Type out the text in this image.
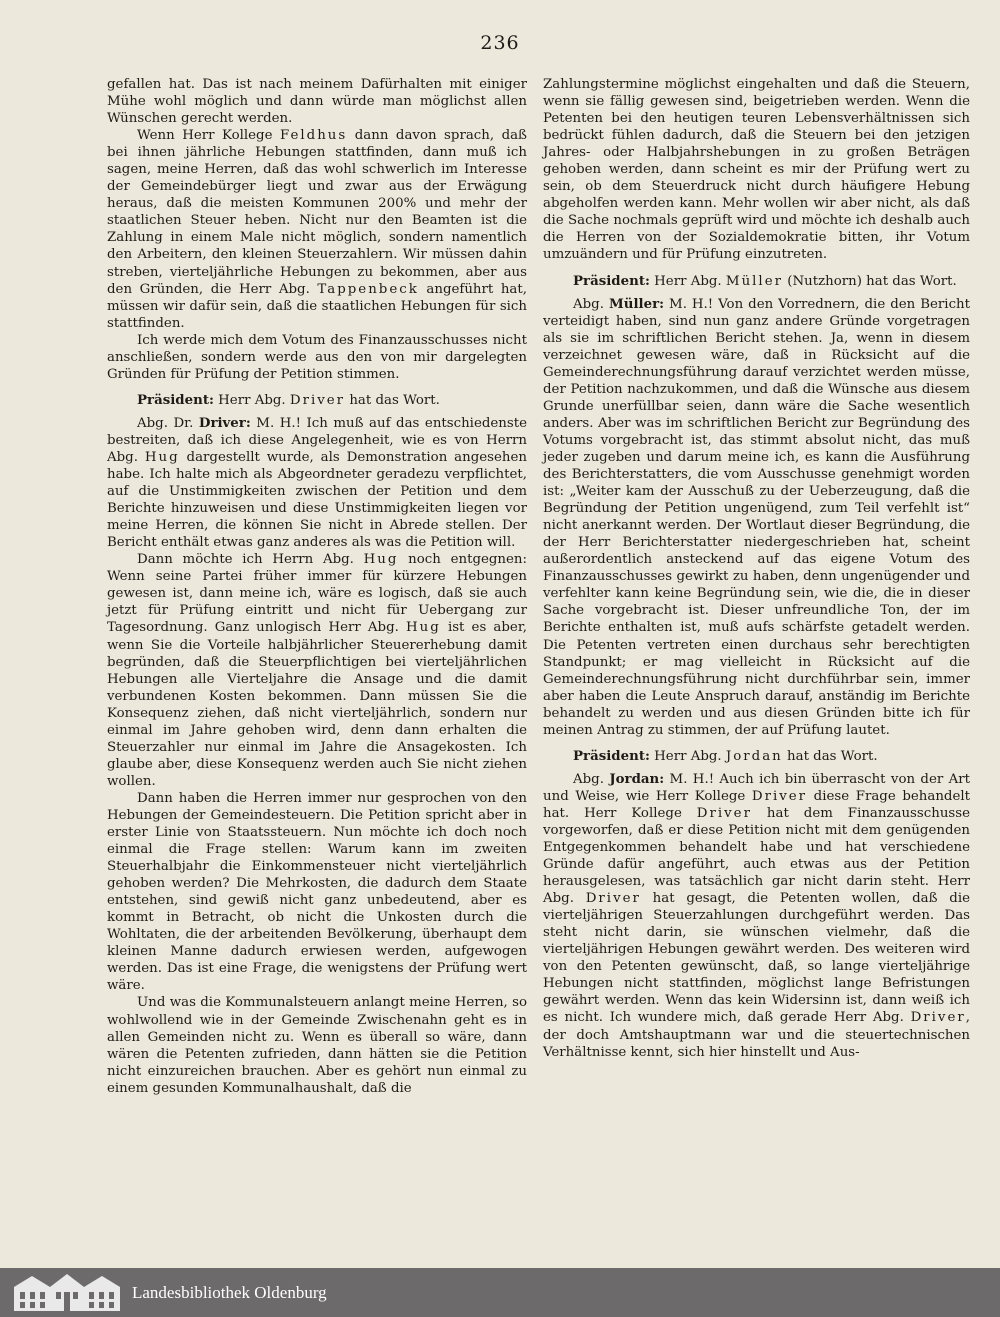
236

gefallen hat. Das ist nach meinem Dafürhalten mit einiger Mühe wohl möglich und dann würde man möglichst allen Wünschen gerecht werden.

Wenn Herr Kollege Feldhus dann davon sprach, daß bei ihnen jährliche Hebungen stattfinden, dann muß ich sagen, meine Herren, daß das wohl schwerlich im Interesse der Gemeindebürger liegt und zwar aus der Erwägung heraus, daß die meisten Kommunen 200% und mehr der staatlichen Steuer heben. Nicht nur den Beamten ist die Zahlung in einem Male nicht möglich, sondern namentlich den Arbeitern, den kleinen Steuerzahlern. Wir müssen dahin streben, vierteljährliche Hebungen zu bekommen, aber aus den Gründen, die Herr Abg. Tappenbeck angeführt hat, müssen wir dafür sein, daß die staatlichen Hebungen für sich stattfinden.

Ich werde mich dem Votum des Finanzausschusses nicht anschließen, sondern werde aus den von mir dargelegten Gründen für Prüfung der Petition stimmen.

Präsident: Herr Abg. Driver hat das Wort.

Abg. Dr. Driver: M. H.! Ich muß auf das entschiedenste bestreiten, daß ich diese Angelegenheit, wie es von Herrn Abg. Hug dargestellt wurde, als Demonstration angesehen habe. Ich halte mich als Abgeordneter geradezu verpflichtet, auf die Unstimmigkeiten zwischen der Petition und dem Berichte hinzuweisen und diese Unstimmigkeiten liegen vor meine Herren, die können Sie nicht in Abrede stellen. Der Bericht enthält etwas ganz anderes als was die Petition will.

Dann möchte ich Herrn Abg. Hug noch entgegnen: Wenn seine Partei früher immer für kürzere Hebungen gewesen ist, dann meine ich, wäre es logisch, daß sie auch jetzt für Prüfung eintritt und nicht für Uebergang zur Tagesordnung. Ganz unlogisch Herr Abg. Hug ist es aber, wenn Sie die Vorteile halbjährlicher Steuererhebung damit begründen, daß die Steuerpflichtigen bei vierteljährlichen Hebungen alle Vierteljahre die Ansage und die damit verbundenen Kosten bekommen. Dann müssen Sie die Konsequenz ziehen, daß nicht vierteljährlich, sondern nur einmal im Jahre gehoben wird, denn dann erhalten die Steuerzahler nur einmal im Jahre die Ansagekosten. Ich glaube aber, diese Konsequenz werden auch Sie nicht ziehen wollen.

Dann haben die Herren immer nur gesprochen von den Hebungen der Gemeindesteuern. Die Petition spricht aber in erster Linie von Staatssteuern. Nun möchte ich doch noch einmal die Frage stellen: Warum kann im zweiten Steuerhalbjahr die Einkommensteuer nicht vierteljährlich gehoben werden? Die Mehrkosten, die dadurch dem Staate entstehen, sind gewiß nicht ganz unbedeutend, aber es kommt in Betracht, ob nicht die Unkosten durch die Wohltaten, die der arbeitenden Bevölkerung, überhaupt dem kleinen Manne dadurch erwiesen werden, aufgewogen werden. Das ist eine Frage, die wenigstens der Prüfung wert wäre.

Und was die Kommunalsteuern anlangt meine Herren, so wohlwollend wie in der Gemeinde Zwischenahn geht es in allen Gemeinden nicht zu. Wenn es überall so wäre, dann wären die Petenten zufrieden, dann hätten sie die Petition nicht einzureichen brauchen. Aber es gehört nun einmal zu einem gesunden Kommunalhaushalt, daß die

Zahlungstermine möglichst eingehalten und daß die Steuern, wenn sie fällig gewesen sind, beigetrieben werden. Wenn die Petenten bei den heutigen teuren Lebensverhältnissen sich bedrückt fühlen dadurch, daß die Steuern bei den jetzigen Jahres- oder Halbjahrshebungen in zu großen Beträgen gehoben werden, dann scheint es mir der Prüfung wert zu sein, ob dem Steuerdruck nicht durch häufigere Hebung abgeholfen werden kann. Mehr wollen wir aber nicht, als daß die Sache nochmals geprüft wird und möchte ich deshalb auch die Herren von der Sozialdemokratie bitten, ihr Votum umzuändern und für Prüfung einzutreten.

Präsident: Herr Abg. Müller (Nutzhorn) hat das Wort.

Abg. Müller: M. H.! Von den Vorrednern, die den Bericht verteidigt haben, sind nun ganz andere Gründe vorgetragen als sie im schriftlichen Bericht stehen. Ja, wenn in diesem verzeichnet gewesen wäre, daß in Rücksicht auf die Gemeinderechnungsführung darauf verzichtet werden müsse, der Petition nachzukommen, und daß die Wünsche aus diesem Grunde unerfüllbar seien, dann wäre die Sache wesentlich anders. Aber was im schriftlichen Bericht zur Begründung des Votums vorgebracht ist, das stimmt absolut nicht, das muß jeder zugeben und darum meine ich, es kann die Ausführung des Berichterstatters, die vom Ausschusse genehmigt worden ist: „Weiter kam der Ausschuß zu der Ueberzeugung, daß die Begründung der Petition ungenügend, zum Teil verfehlt ist“ nicht anerkannt werden. Der Wortlaut dieser Begründung, die der Herr Berichterstatter niedergeschrieben hat, scheint außerordentlich ansteckend auf das eigene Votum des Finanzausschusses gewirkt zu haben, denn ungenügender und verfehlter kann keine Begründung sein, wie die, die in dieser Sache vorgebracht ist. Dieser unfreundliche Ton, der im Berichte enthalten ist, muß aufs schärfste getadelt werden. Die Petenten vertreten einen durchaus sehr berechtigten Standpunkt; er mag vielleicht in Rücksicht auf die Gemeinderechnungsführung nicht durchführbar sein, immer aber haben die Leute Anspruch darauf, anständig im Berichte behandelt zu werden und aus diesen Gründen bitte ich für meinen Antrag zu stimmen, der auf Prüfung lautet.

Präsident: Herr Abg. Jordan hat das Wort.

Abg. Jordan: M. H.! Auch ich bin überrascht von der Art und Weise, wie Herr Kollege Driver diese Frage behandelt hat. Herr Kollege Driver hat dem Finanzausschusse vorgeworfen, daß er diese Petition nicht mit dem genügenden Entgegenkommen behandelt habe und hat verschiedene Gründe dafür angeführt, auch etwas aus der Petition herausgelesen, was tatsächlich gar nicht darin steht. Herr Abg. Driver hat gesagt, die Petenten wollen, daß die vierteljährigen Steuerzahlungen durchgeführt werden. Das steht nicht darin, sie wünschen vielmehr, daß die vierteljährigen Hebungen gewährt werden. Des weiteren wird von den Petenten gewünscht, daß, so lange vierteljährige Hebungen nicht stattfinden, möglichst lange Befristungen gewährt werden. Wenn das kein Widersinn ist, dann weiß ich es nicht. Ich wundere mich, daß gerade Herr Abg. Driver, der doch Amtshauptmann war und die steuertechnischen Verhältnisse kennt, sich hier hinstellt und Aus-

Landesbibliothek Oldenburg
